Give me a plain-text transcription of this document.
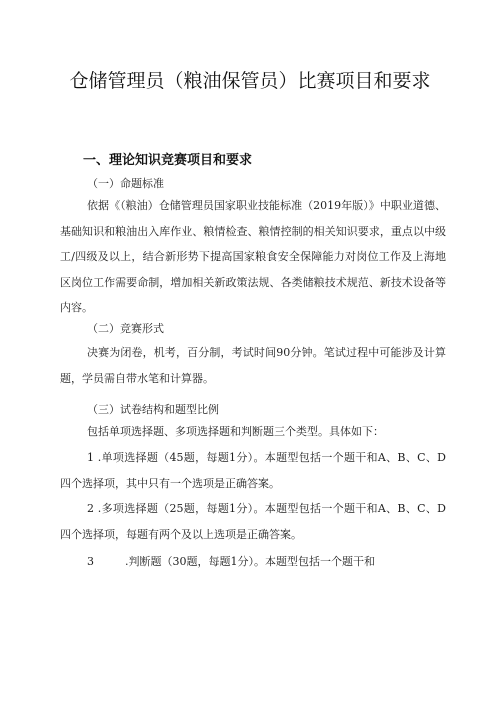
仓储管理员（粮油保管员）比赛项目和要求
一、理论知识竞赛项目和要求
（一）命题标准
依据《（粮油）仓储管理员国家职业技能标准（2019年版）》中职业道德、基础知识和粮油出入库作业、粮情检查、粮情控制的相关知识要求，重点以中级工/四级及以上，结合新形势下提高国家粮食安全保障能力对岗位工作及上海地区岗位工作需要命制，增加相关新政策法规、各类储粮技术规范、新技术设备等内容。
（二）竞赛形式
决赛为闭卷，机考，百分制，考试时间90分钟。笔试过程中可能涉及计算题，学员需自带水笔和计算器。
（三）试卷结构和题型比例
包括单项选择题、多项选择题和判断题三个类型。具体如下：
1 .单项选择题（45题，每题1分）。本题型包括一个题干和A、B、C、D四个选择项，其中只有一个选项是正确答案。
2 .多项选择题（25题，每题1分）。本题型包括一个题干和A、B、C、D四个选择项，每题有两个及以上选项是正确答案。
3	.判断题（30题，每题1分）。本题型包括一个题干和
